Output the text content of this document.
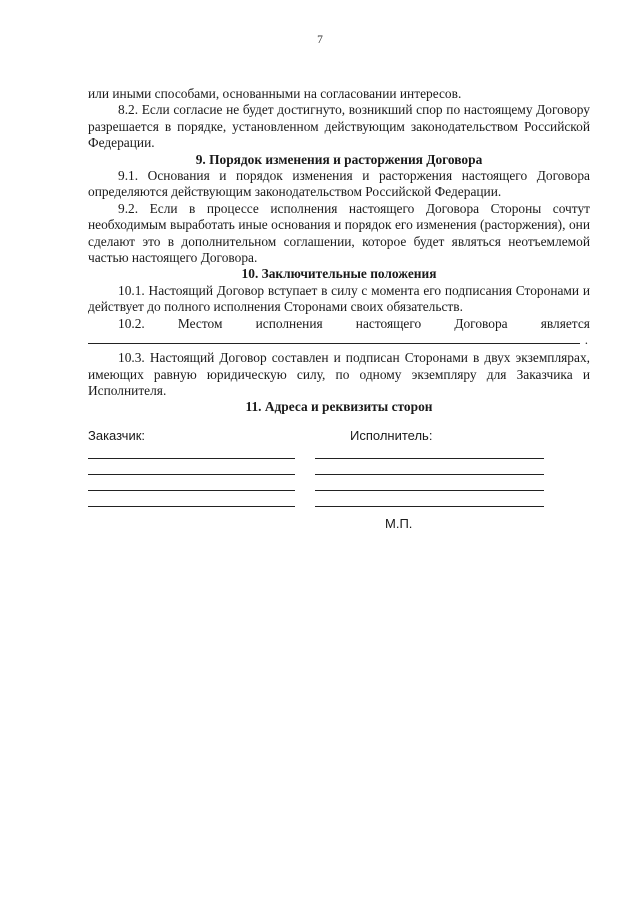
7

или иными способами, основанными на согласовании интересов.

8.2. Если согласие не будет достигнуто, возникший спор по настоящему Договору разрешается в порядке, установленном действующим законодательством Российской Федерации.

9. Порядок изменения и расторжения Договора

9.1. Основания и порядок изменения и расторжения настоящего Договора определяются действующим законодательством Российской Федерации.

9.2. Если в процессе исполнения настоящего Договора Стороны сочтут необходимым выработать иные основания и порядок его изменения (расторжения), они сделают это в дополнительном соглашении, которое будет являться неотъемлемой частью настоящего Договора.

10. Заключительные положения

10.1. Настоящий Договор вступает в силу с момента его подписания Сторонами и действует до полного исполнения Сторонами своих обязательств.

10.2. Местом исполнения настоящего Договора является
.

10.3. Настоящий Договор составлен и подписан Сторонами в двух экземплярах, имеющих равную юридическую силу, по одному экземпляру для Заказчика и Исполнителя.

11. Адреса и реквизиты сторон

Заказчик:	Исполнитель:
М.П.
